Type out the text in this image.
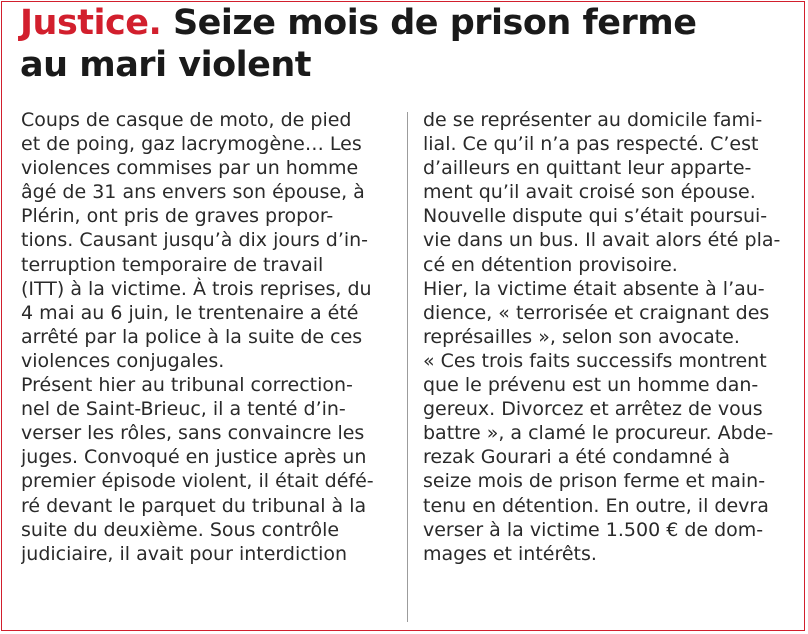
Justice. Seize mois de prison ferme
au mari violent
Coups de casque de moto, de pied
et de poing, gaz lacrymogène… Les
violences commises par un homme
âgé de 31 ans envers son épouse, à
Plérin, ont pris de graves propor-
tions. Causant jusqu’à dix jours d’in-
terruption temporaire de travail
(ITT) à la victime. À trois reprises, du
4 mai au 6 juin, le trentenaire a été
arrêté par la police à la suite de ces
violences conjugales.
Présent hier au tribunal correction-
nel de Saint-Brieuc, il a tenté d’in-
verser les rôles, sans convaincre les
juges. Convoqué en justice après un
premier épisode violent, il était défé-
ré devant le parquet du tribunal à la
suite du deuxième. Sous contrôle
judiciaire, il avait pour interdiction
de se représenter au domicile fami-
lial. Ce qu’il n’a pas respecté. C’est
d’ailleurs en quittant leur apparte-
ment qu’il avait croisé son épouse.
Nouvelle dispute qui s’était poursui-
vie dans un bus. Il avait alors été pla-
cé en détention provisoire.
Hier, la victime était absente à l’au-
dience, « terrorisée et craignant des
représailles », selon son avocate.
« Ces trois faits successifs montrent
que le prévenu est un homme dan-
gereux. Divorcez et arrêtez de vous
battre », a clamé le procureur. Abde-
rezak Gourari a été condamné à
seize mois de prison ferme et main-
tenu en détention. En outre, il devra
verser à la victime 1.500 € de dom-
mages et intérêts.
